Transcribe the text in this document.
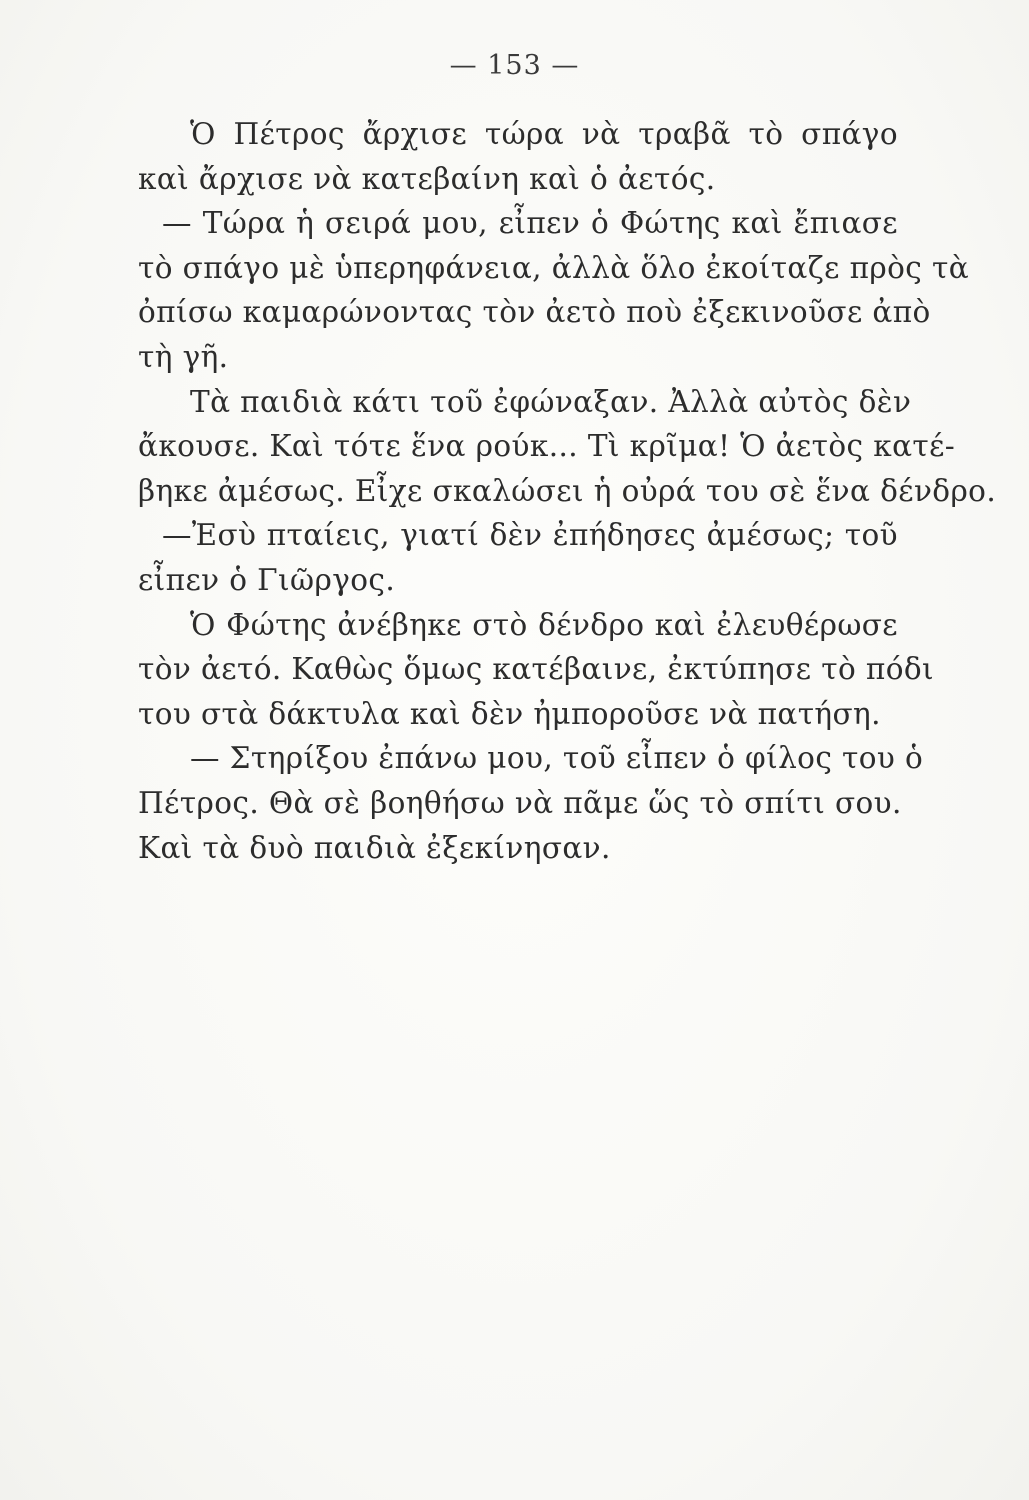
— 153 —
Ὁ Πέτρος ἄρχισε τώρα νὰ τραβᾶ τὸ σπάγο
καὶ ἄρχισε νὰ κατεβαίνη καὶ ὁ ἀετός.
— Τώρα ἡ σειρά μου, εἶπεν ὁ Φώτης καὶ ἔπιασε
τὸ σπάγο μὲ ὑπερηφάνεια, ἀλλὰ ὅλο ἐκοίταζε πρὸς τὰ
ὀπίσω καμαρώνοντας τὸν ἀετὸ ποὺ ἐξεκινοῦσε ἀπὸ
τὴ γῆ.
Τὰ παιδιὰ κάτι τοῦ ἐφώναξαν. Ἀλλὰ αὐτὸς δὲν
ἄκουσε. Καὶ τότε ἕνα ρούκ... Τὶ κρῖμα! Ὁ ἀετὸς κατέ-
βηκε ἀμέσως. Εἶχε σκαλώσει ἡ οὐρά του σὲ ἕνα δένδρο.
—Ἐσὺ πταίεις, γιατί δὲν ἐπήδησες ἀμέσως; τοῦ
εἶπεν ὁ Γιῶργος.
Ὁ Φώτης ἀνέβηκε στὸ δένδρο καὶ ἐλευθέρωσε
τὸν ἀετό. Καθὼς ὅμως κατέβαινε, ἐκτύπησε τὸ πόδι
του στὰ δάκτυλα καὶ δὲν ἠμποροῦσε νὰ πατήση.
— Στηρίξου ἐπάνω μου, τοῦ εἶπεν ὁ φίλος του ὁ
Πέτρος. Θὰ σὲ βοηθήσω νὰ πᾶμε ὥς τὸ σπίτι σου.
Καὶ τὰ δυὸ παιδιὰ ἐξεκίνησαν.
